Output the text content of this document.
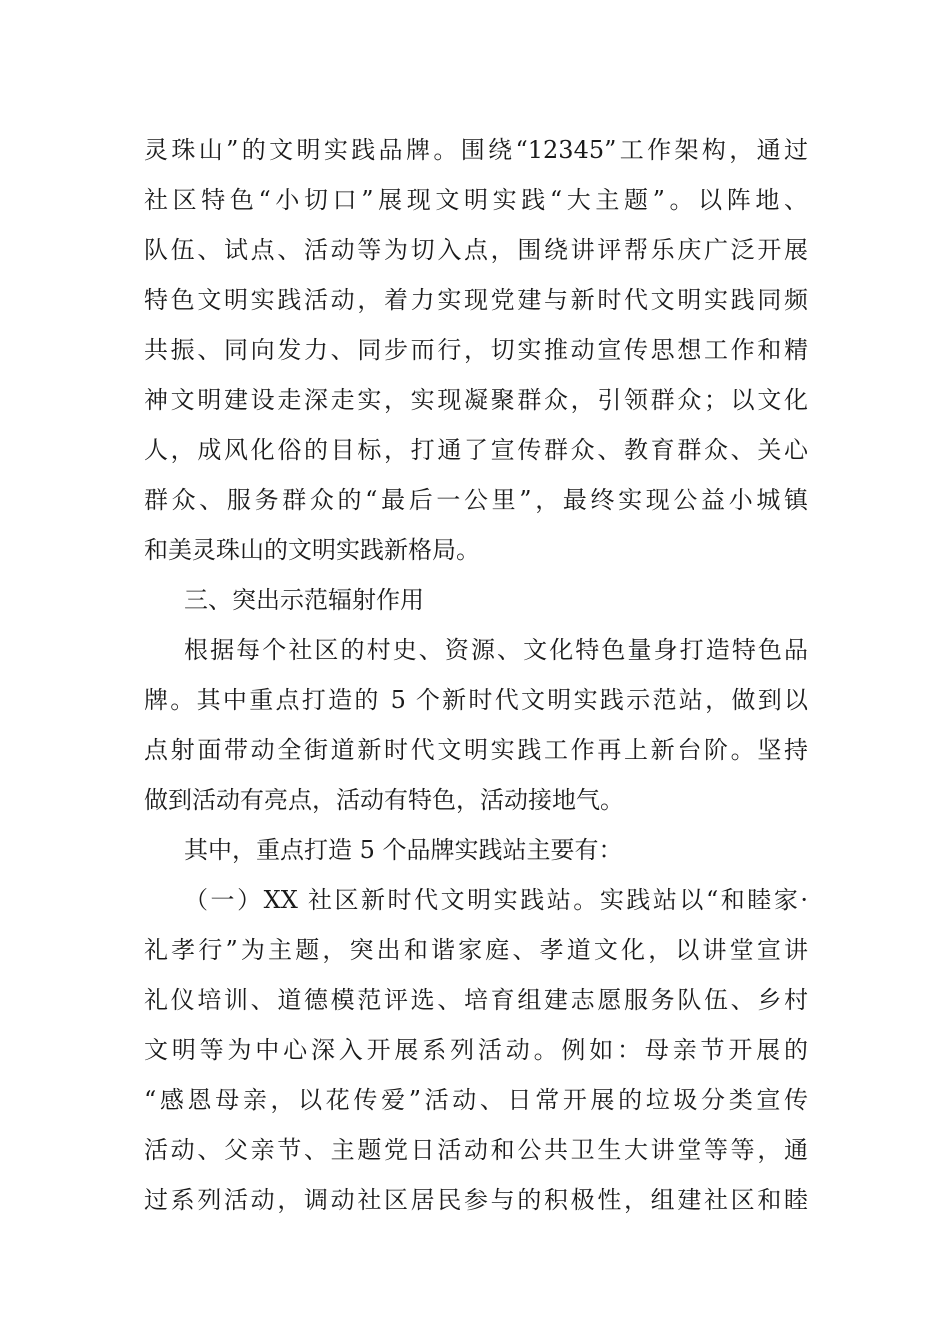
灵珠山”的文明实践品牌。围绕“12345”工作架构，通过
社区特色“小切口”展现文明实践“大主题”。以阵地、
队伍、试点、活动等为切入点，围绕讲评帮乐庆广泛开展
特色文明实践活动，着力实现党建与新时代文明实践同频
共振、同向发力、同步而行，切实推动宣传思想工作和精
神文明建设走深走实，实现凝聚群众，引领群众；以文化
人，成风化俗的目标，打通了宣传群众、教育群众、关心
群众、服务群众的“最后一公里”，最终实现公益小城镇
和美灵珠山的文明实践新格局。
三、突出示范辐射作用
根据每个社区的村史、资源、文化特色量身打造特色品
牌。其中重点打造的 5 个新时代文明实践示范站，做到以
点射面带动全街道新时代文明实践工作再上新台阶。坚持
做到活动有亮点，活动有特色，活动接地气。
其中，重点打造 5 个品牌实践站主要有：
（一）XX 社区新时代文明实践站。实践站以“和睦家·
礼孝行”为主题，突出和谐家庭、孝道文化，以讲堂宣讲
礼仪培训、道德模范评选、培育组建志愿服务队伍、乡村
文明等为中心深入开展系列活动。例如：母亲节开展的
“感恩母亲，以花传爱”活动、日常开展的垃圾分类宣传
活动、父亲节、主题党日活动和公共卫生大讲堂等等，通
过系列活动，调动社区居民参与的积极性，组建社区和睦
